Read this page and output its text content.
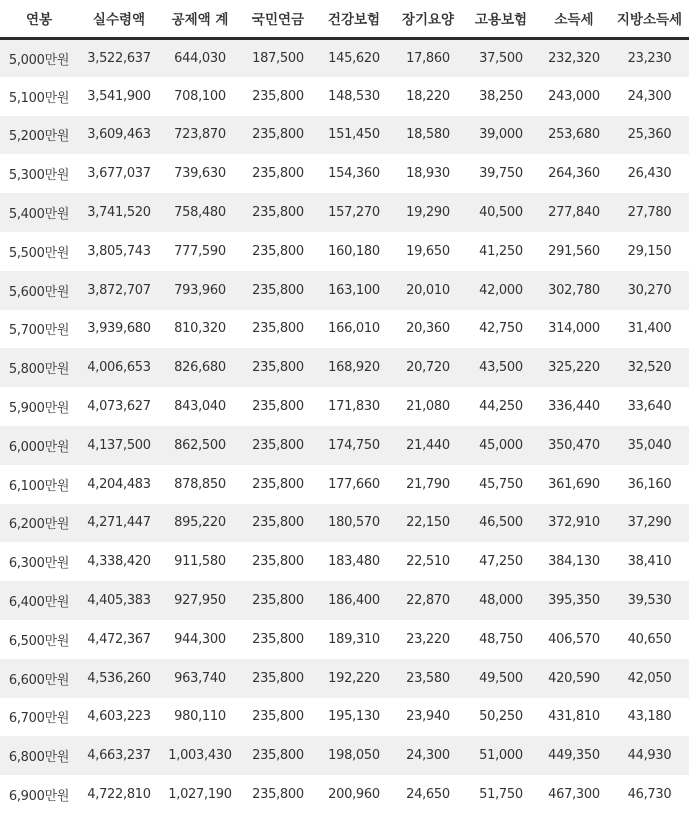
연봉	실수령액	공제액 계	국민연금	건강보험	장기요양	고용보험	소득세	지방소득세
5,000만원	3,522,637	644,030	187,500	145,620	17,860	37,500	232,320	23,230
5,100만원	3,541,900	708,100	235,800	148,530	18,220	38,250	243,000	24,300
5,200만원	3,609,463	723,870	235,800	151,450	18,580	39,000	253,680	25,360
5,300만원	3,677,037	739,630	235,800	154,360	18,930	39,750	264,360	26,430
5,400만원	3,741,520	758,480	235,800	157,270	19,290	40,500	277,840	27,780
5,500만원	3,805,743	777,590	235,800	160,180	19,650	41,250	291,560	29,150
5,600만원	3,872,707	793,960	235,800	163,100	20,010	42,000	302,780	30,270
5,700만원	3,939,680	810,320	235,800	166,010	20,360	42,750	314,000	31,400
5,800만원	4,006,653	826,680	235,800	168,920	20,720	43,500	325,220	32,520
5,900만원	4,073,627	843,040	235,800	171,830	21,080	44,250	336,440	33,640
6,000만원	4,137,500	862,500	235,800	174,750	21,440	45,000	350,470	35,040
6,100만원	4,204,483	878,850	235,800	177,660	21,790	45,750	361,690	36,160
6,200만원	4,271,447	895,220	235,800	180,570	22,150	46,500	372,910	37,290
6,300만원	4,338,420	911,580	235,800	183,480	22,510	47,250	384,130	38,410
6,400만원	4,405,383	927,950	235,800	186,400	22,870	48,000	395,350	39,530
6,500만원	4,472,367	944,300	235,800	189,310	23,220	48,750	406,570	40,650
6,600만원	4,536,260	963,740	235,800	192,220	23,580	49,500	420,590	42,050
6,700만원	4,603,223	980,110	235,800	195,130	23,940	50,250	431,810	43,180
6,800만원	4,663,237	1,003,430	235,800	198,050	24,300	51,000	449,350	44,930
6,900만원	4,722,810	1,027,190	235,800	200,960	24,650	51,750	467,300	46,730
